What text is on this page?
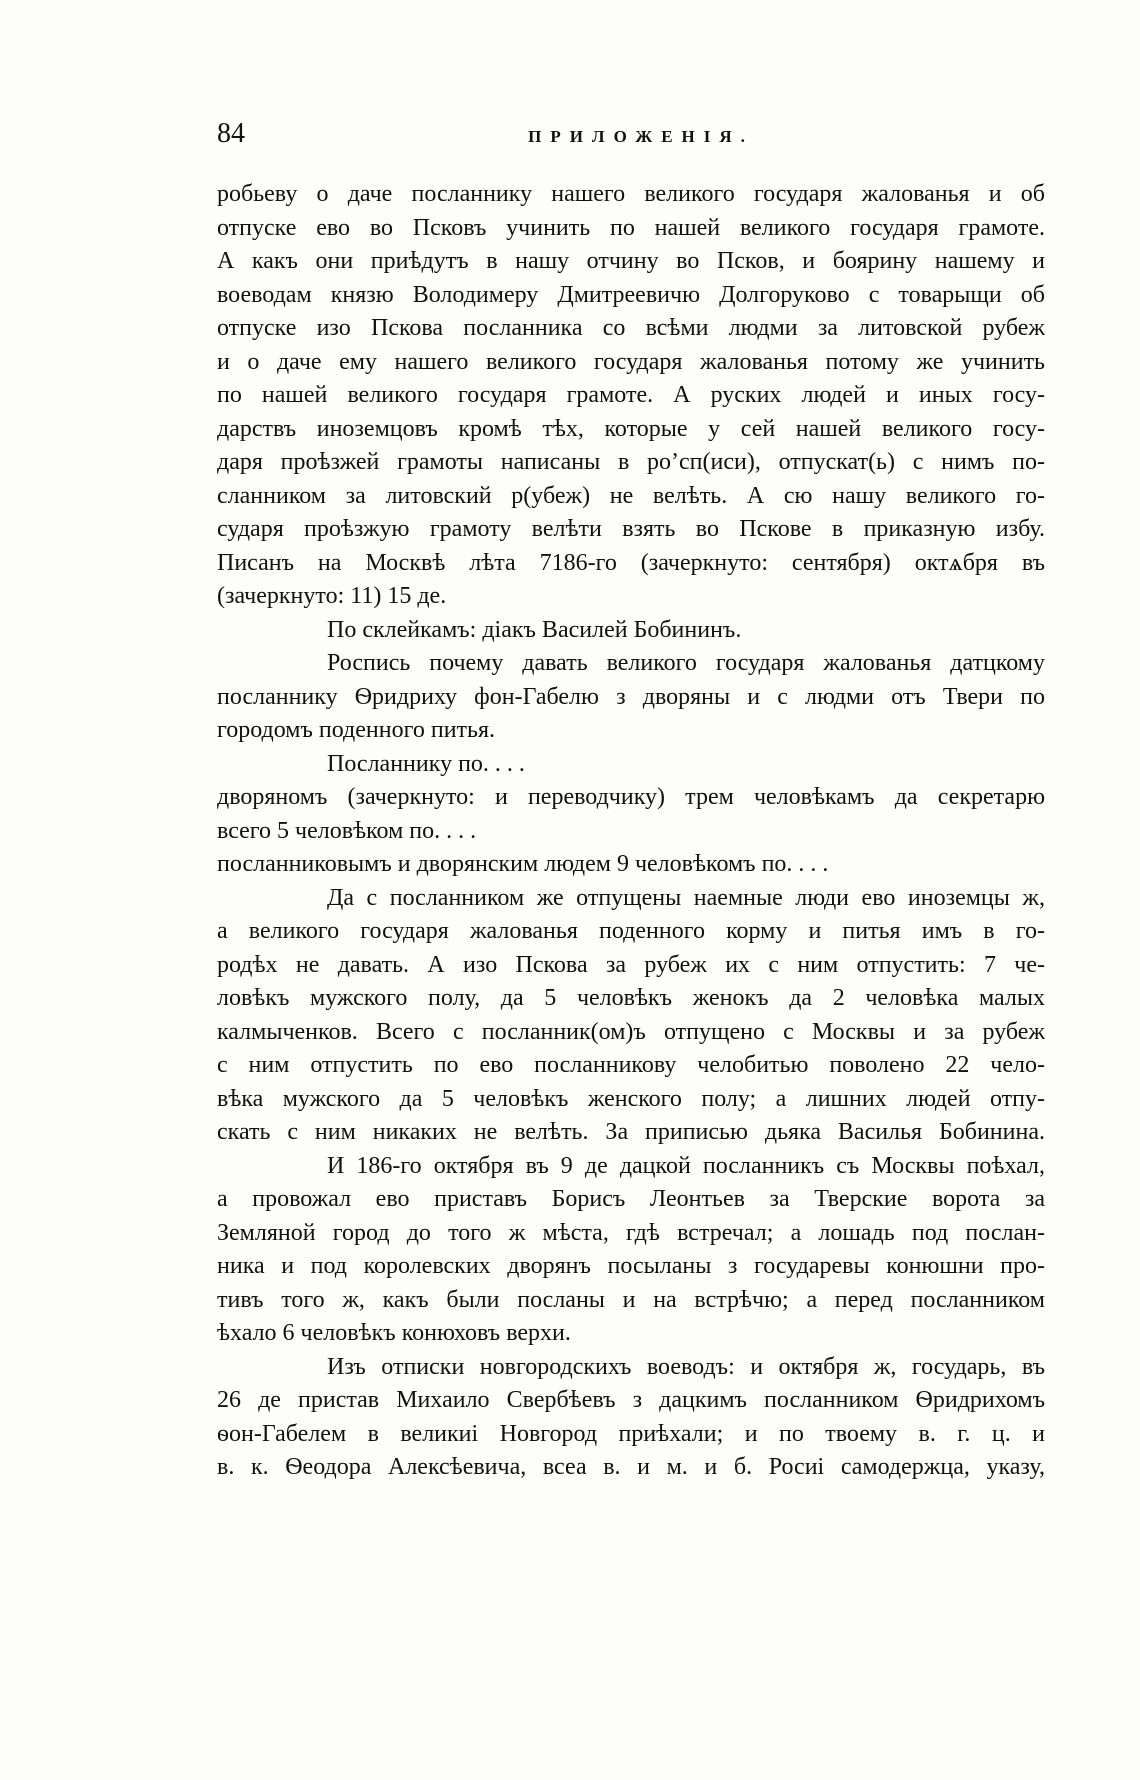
84	ПРИЛОЖЕНІЯ.
робьеву о даче посланнику нашего великого государя жалованья и об
отпуске ево во Псковъ учинить по нашей великого государя грамоте.
А какъ они приѣдутъ в нашу отчину во Псков, и боярину нашему и
воеводам князю Володимеру Дмитреевичю Долгоруково с товарыщи об
отпуске изо Пскова посланника со всѣми людми за литовской рубеж
и о даче ему нашего великого государя жалованья потому же учинить
по нашей великого государя грамоте. А руских людей и иных госу-
дарствъ иноземцовъ кромѣ тѣх, которые у сей нашей великого госу-
даря проѣзжей грамоты написаны в роʼсп(иси), отпускат(ь) с нимъ по-
сланником за литовский р(убеж) не велѣть. А сю нашу великого го-
сударя проѣзжую грамоту велѣти взять во Пскове в приказную избу.
Писанъ на Москвѣ лѣта 7186-го (зачеркнуто: сентября) октѧбря въ
(зачеркнуто: 11) 15 де.
По склейкамъ: діакъ Василей Бобининъ.
Роспись почему давать великого государя жалованья датцкому
посланнику Ѳридриху фон-Габелю з дворяны и с людми отъ Твери по
городомъ поденного питья.
Посланнику по. . . .
дворяномъ (зачеркнуто: и переводчику) трем человѣкамъ да секретарю
всего 5 человѣком по. . . .
посланниковымъ и дворянским людем 9 человѣкомъ по. . . .
Да с посланником же отпущены наемные люди ево иноземцы ж,
а великого государя жалованья поденного корму и питья имъ в го-
родѣх не давать. А изо Пскова за рубеж их с ним отпустить: 7 че-
ловѣкъ мужского полу, да 5 человѣкъ женокъ да 2 человѣка малых
калмыченков. Всего с посланник(ом)ъ отпущено с Москвы и за рубеж
с ним отпустить по ево посланникову челобитью поволено 22 чело-
вѣка мужского да 5 человѣкъ женского полу; а лишних людей отпу-
скать с ним никаких не велѣть. За приписью дьяка Василья Бобинина.
И 186-го октября въ 9 де дацкой посланникъ съ Москвы поѣхал,
а провожал ево приставъ Борисъ Леонтьев за Тверские ворота за
Земляной город до того ж мѣста, гдѣ встречал; а лошадь под послан-
ника и под королевских дворянъ посыланы з государевы конюшни про-
тивъ того ж, какъ были посланы и на встрѣчю; а перед посланником
ѣхало 6 человѣкъ конюховъ верхи.
Изъ отписки новгородскихъ воеводъ: и октября ж, государь, въ
26 де пристав Михаило Свербѣевъ з дацкимъ посланником Ѳридрихомъ
ѳон-Габелем в великиі Новгород приѣхали; и по твоему в. г. ц. и
в. к. Ѳеодора Алексѣевича, всеа в. и м. и б. Росиі самодержца, указу,
